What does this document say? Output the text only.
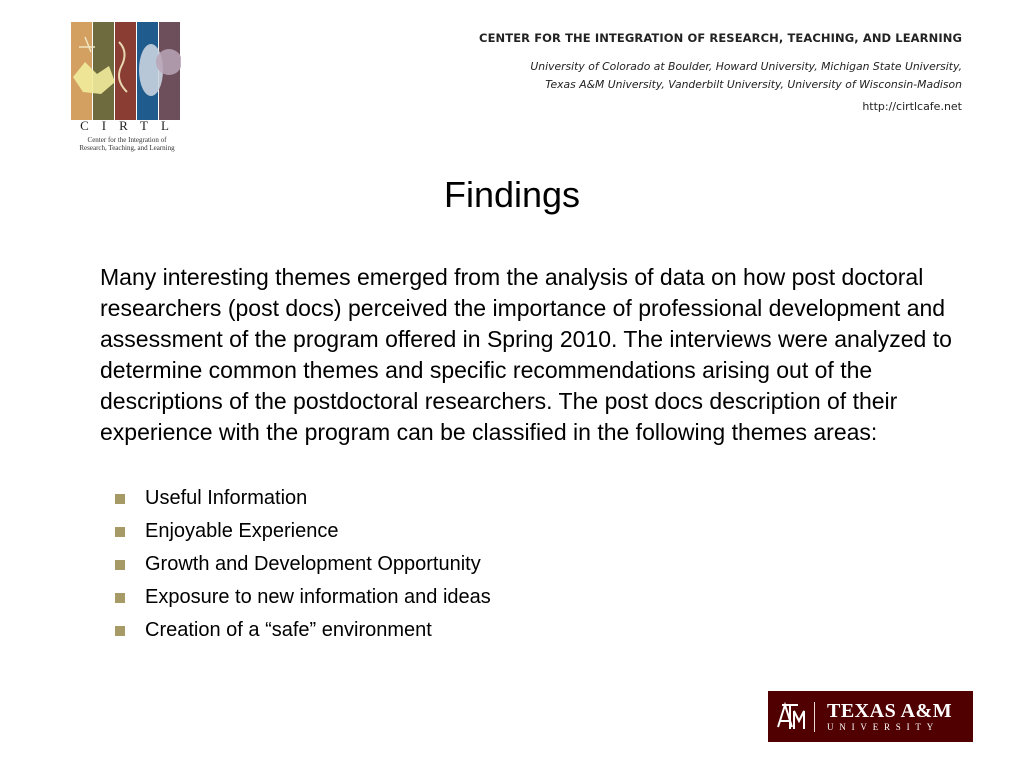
CIRTL
Center for the Integration of
Research, Teaching, and Learning
CENTER FOR THE INTEGRATION OF RESEARCH, TEACHING, AND LEARNING
University of Colorado at Boulder, Howard University, Michigan State University,
Texas A&M University, Vanderbilt University, University of Wisconsin-Madison
http://cirtlcafe.net
Findings
Many interesting themes emerged from the analysis of data on how post doctoral researchers (post docs) perceived the importance of professional development and assessment of the program offered in Spring 2010. The interviews were analyzed to determine common themes and specific recommendations arising out of the descriptions of the postdoctoral researchers. The post docs description of their experience with the program can be classified in the following themes areas:
Useful Information
Enjoyable Experience
Growth and Development Opportunity
Exposure to new information and ideas
Creation of a “safe” environment
TEXAS A&M
UNIVERSITY
